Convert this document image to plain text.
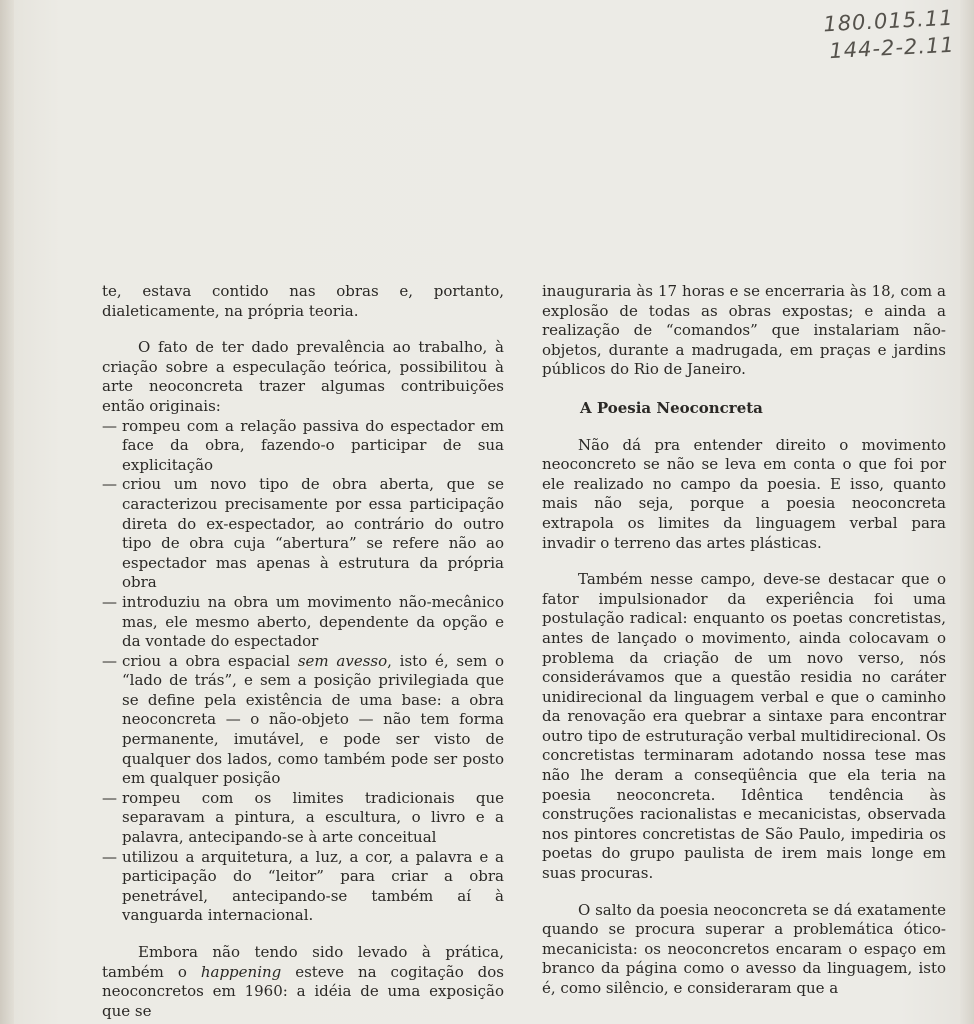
180.015.11
144-2-2.11

te, estava contido nas obras e, portanto, dialeticamente, na própria teoria.

O fato de ter dado prevalência ao trabalho, à criação sobre a especulação teórica, possibilitou à arte neoconcreta trazer algumas contribuições então originais:

— rompeu com a relação passiva do espectador em face da obra, fazendo-o participar de sua explicitação
— criou um novo tipo de obra aberta, que se caracterizou precisamente por essa participação direta do ex-espectador, ao contrário do outro tipo de obra cuja “abertura” se refere não ao espectador mas apenas à estrutura da própria obra
— introduziu na obra um movimento não-mecânico mas, ele mesmo aberto, dependente da opção e da vontade do espectador
— criou a obra espacial sem avesso, isto é, sem o “lado de trás”, e sem a posição privilegiada que se define pela existência de uma base: a obra neoconcreta — o não-objeto — não tem forma permanente, imutável, e pode ser visto de qualquer dos lados, como também pode ser posto em qualquer posição
— rompeu com os limites tradicionais que separavam a pintura, a escultura, o livro e a palavra, antecipando-se à arte conceitual
— utilizou a arquitetura, a luz, a cor, a palavra e a participação do “leitor” para criar a obra penetrável, antecipando-se também aí à vanguarda internacional.

Embora não tendo sido levado à prática, também o happening esteve na cogitação dos neoconcretos em 1960: a idéia de uma exposição que se

inauguraria às 17 horas e se encerraria às 18, com a explosão de todas as obras expostas; e ainda a realização de “comandos” que instalariam não-objetos, durante a madrugada, em praças e jardins públicos do Rio de Janeiro.

A Poesia Neoconcreta

Não dá pra entender direito o movimento neoconcreto se não se leva em conta o que foi por ele realizado no campo da poesia. E isso, quanto mais não seja, porque a poesia neoconcreta extrapola os limites da linguagem verbal para invadir o terreno das artes plásticas.

Também nesse campo, deve-se destacar que o fator impulsionador da experiência foi uma postulação radical: enquanto os poetas concretistas, antes de lançado o movimento, ainda colocavam o problema da criação de um novo verso, nós considerávamos que a questão residia no caráter unidirecional da linguagem verbal e que o caminho da renovação era quebrar a sintaxe para encontrar outro tipo de estruturação verbal multidirecional. Os concretistas terminaram adotando nossa tese mas não lhe deram a conseqüência que ela teria na poesia neoconcreta. Idêntica tendência às construções racionalistas e mecanicistas, observada nos pintores concretistas de São Paulo, impediria os poetas do grupo paulista de irem mais longe em suas procuras.

O salto da poesia neoconcreta se dá exatamente quando se procura superar a problemática ótico-mecanicista: os neoconcretos encaram o espaço em branco da página como o avesso da linguagem, isto é, como silêncio, e consideraram que a
